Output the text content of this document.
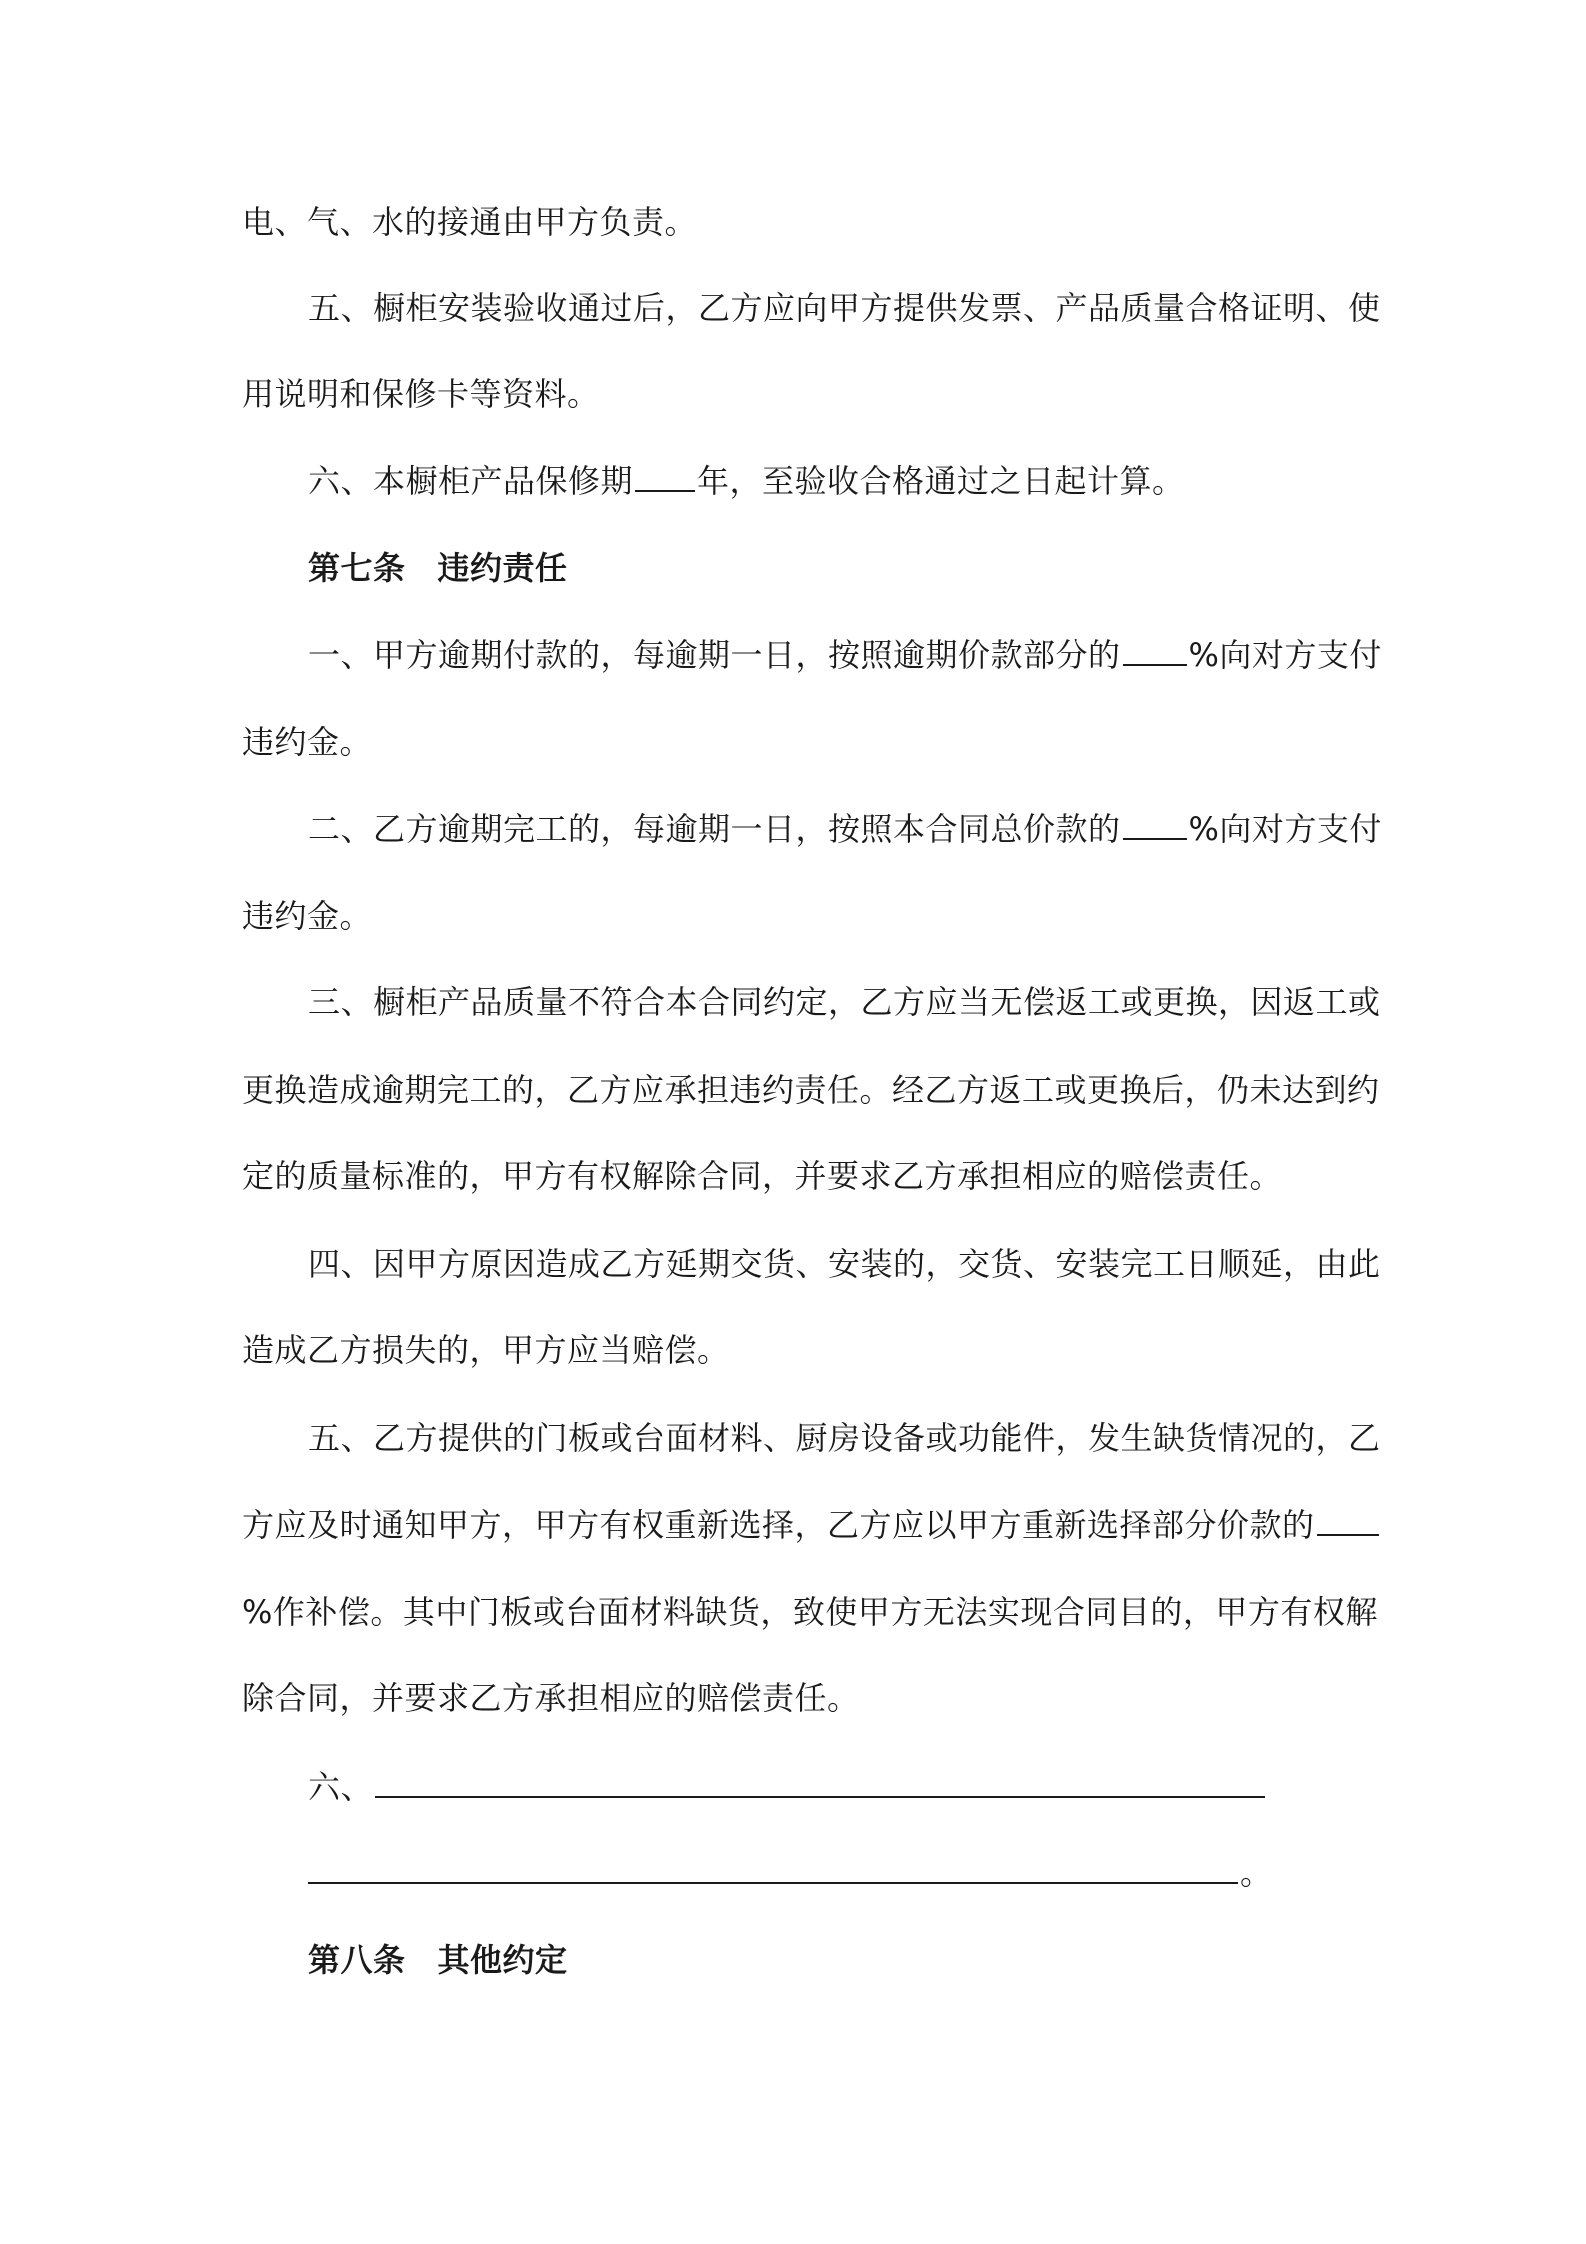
电、气、水的接通由甲方负责。
五、橱柜安装验收通过后，乙方应向甲方提供发票、产品质量合格证明、使
用说明和保修卡等资料。
六、本橱柜产品保修期 年，至验收合格通过之日起计算。
第七条 违约责任
一、甲方逾期付款的，每逾期一日，按照逾期价款部分的 %向对方支付
违约金。
二、乙方逾期完工的，每逾期一日，按照本合同总价款的 %向对方支付
违约金。
三、橱柜产品质量不符合本合同约定，乙方应当无偿返工或更换，因返工或
更换造成逾期完工的，乙方应承担违约责任。经乙方返工或更换后，仍未达到约
定的质量标准的，甲方有权解除合同，并要求乙方承担相应的赔偿责任。
四、因甲方原因造成乙方延期交货、安装的，交货、安装完工日顺延，由此
造成乙方损失的，甲方应当赔偿。
五、乙方提供的门板或台面材料、厨房设备或功能件，发生缺货情况的，乙
方应及时通知甲方，甲方有权重新选择，乙方应以甲方重新选择部分价款的
%作补偿。其中门板或台面材料缺货，致使甲方无法实现合同目的，甲方有权解
除合同，并要求乙方承担相应的赔偿责任。
六、
。
第八条 其他约定
